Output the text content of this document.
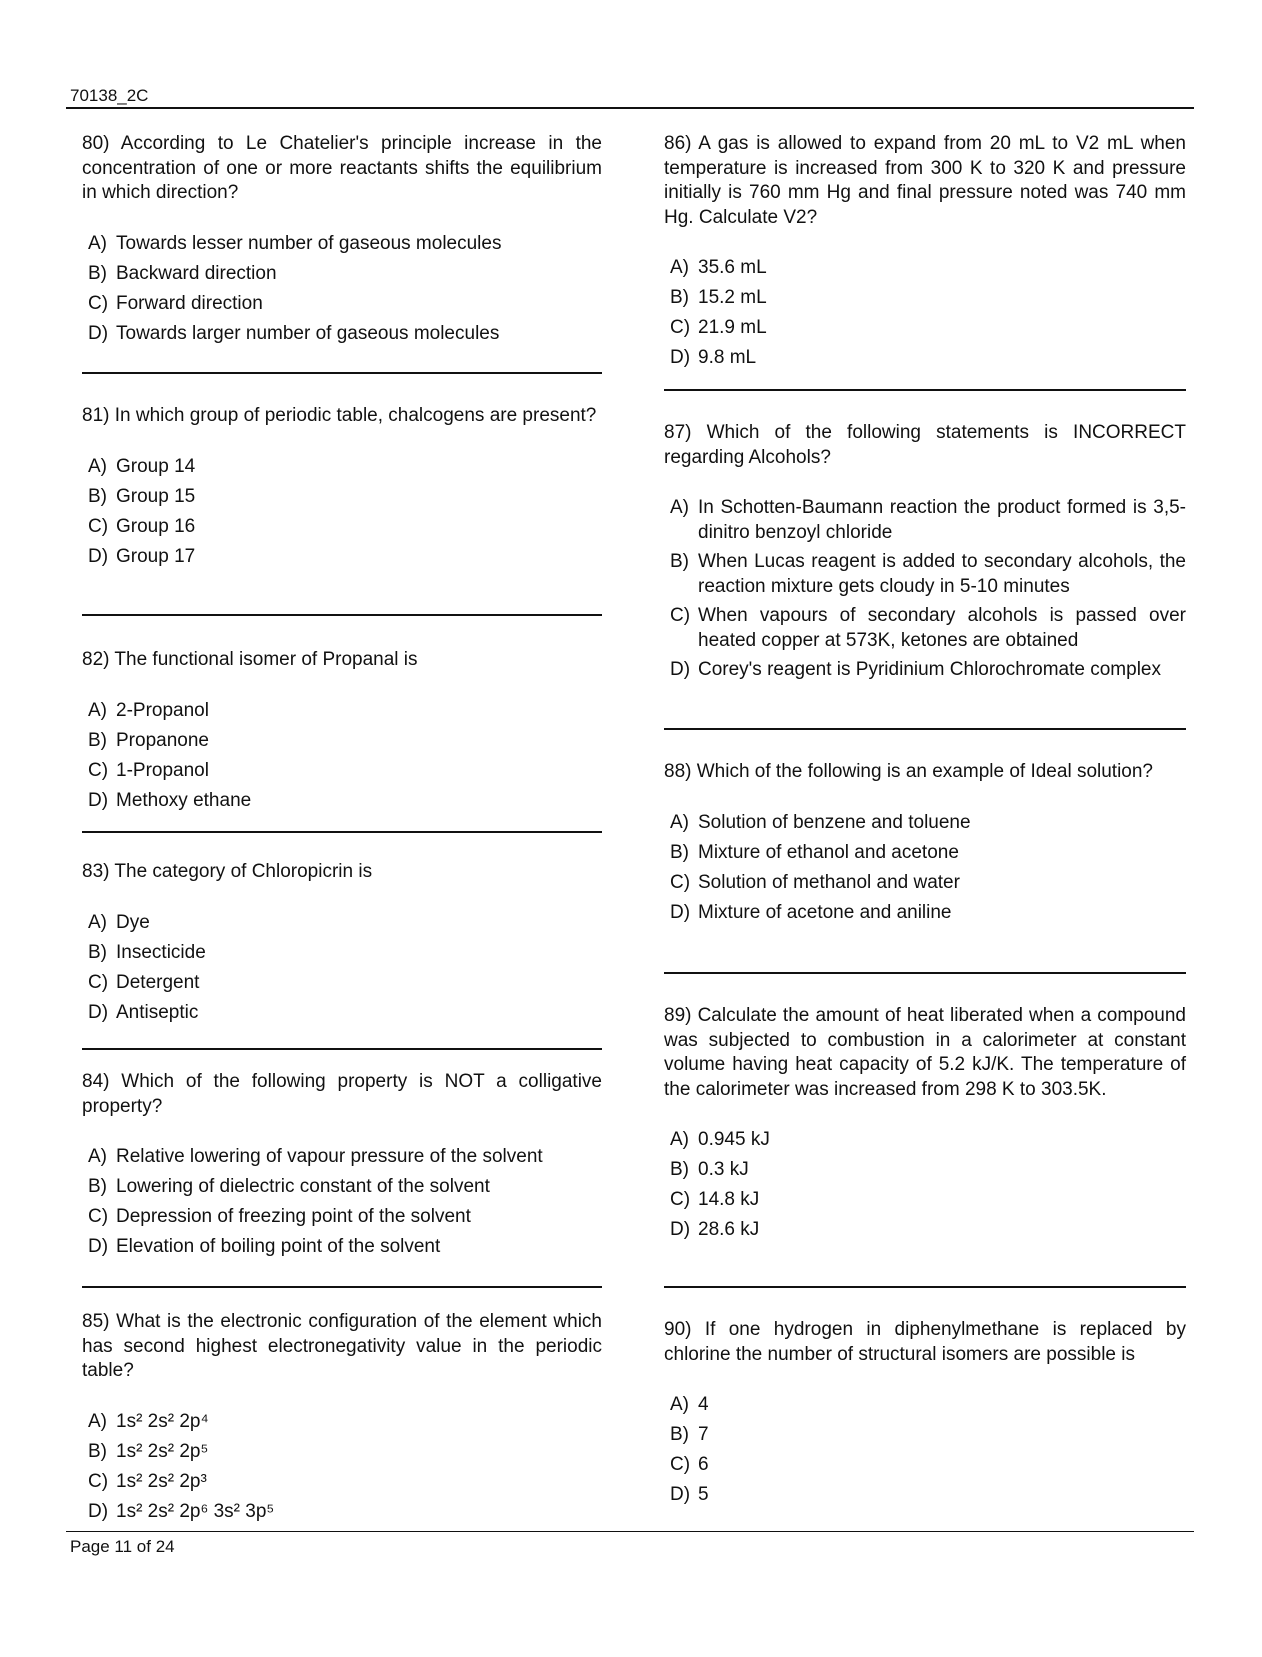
70138_2C

80) According to Le Chatelier's principle increase in the concentration of one or more reactants shifts the equilibrium in which direction?

A) Towards lesser number of gaseous molecules
B) Backward direction
C) Forward direction
D) Towards larger number of gaseous molecules

81) In which group of periodic table, chalcogens are present?

A) Group 14
B) Group 15
C) Group 16
D) Group 17

82) The functional isomer of Propanal is

A) 2-Propanol
B) Propanone
C) 1-Propanol
D) Methoxy ethane

83) The category of Chloropicrin is

A) Dye
B) Insecticide
C) Detergent
D) Antiseptic

84) Which of the following property is NOT a colligative property?

A) Relative lowering of vapour pressure of the solvent
B) Lowering of dielectric constant of the solvent
C) Depression of freezing point of the solvent
D) Elevation of boiling point of the solvent

85) What is the electronic configuration of the element which has second highest electronegativity value in the periodic table?

A) 1s² 2s² 2p⁴
B) 1s² 2s² 2p⁵
C) 1s² 2s² 2p³
D) 1s² 2s² 2p⁶ 3s² 3p⁵

86) A gas is allowed to expand from 20 mL to V2 mL when temperature is increased from 300 K to 320 K and pressure initially is 760 mm Hg and final pressure noted was 740 mm Hg. Calculate V2?

A) 35.6 mL
B) 15.2 mL
C) 21.9 mL
D) 9.8 mL

87) Which of the following statements is INCORRECT regarding Alcohols?

A) In Schotten-Baumann reaction the product formed is 3,5-dinitro benzoyl chloride
B) When Lucas reagent is added to secondary alcohols, the reaction mixture gets cloudy in 5-10 minutes
C) When vapours of secondary alcohols is passed over heated copper at 573K, ketones are obtained
D) Corey's reagent is Pyridinium Chlorochromate complex

88) Which of the following is an example of Ideal solution?

A) Solution of benzene and toluene
B) Mixture of ethanol and acetone
C) Solution of methanol and water
D) Mixture of acetone and aniline

89) Calculate the amount of heat liberated when a compound was subjected to combustion in a calorimeter at constant volume having heat capacity of 5.2 kJ/K. The temperature of the calorimeter was increased from 298 K to 303.5K.

A) 0.945 kJ
B) 0.3 kJ
C) 14.8 kJ
D) 28.6 kJ

90) If one hydrogen in diphenylmethane is replaced by chlorine the number of structural isomers are possible is

A) 4
B) 7
C) 6
D) 5
Page 11 of 24
